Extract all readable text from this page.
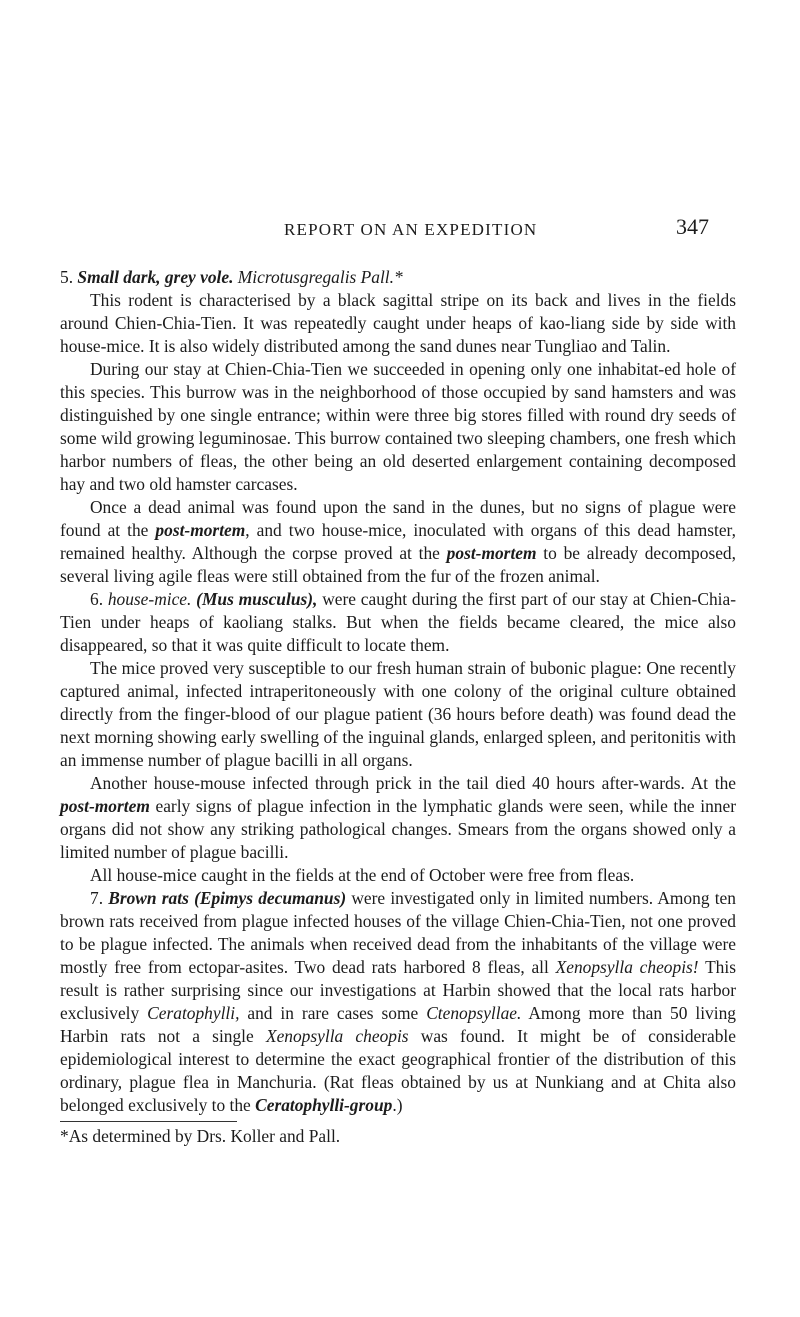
REPORT ON AN EXPEDITION	347

5. Small dark, grey vole. Microtusgregalis Pall.*

This rodent is characterised by a black sagittal stripe on its back and lives in the fields around Chien-Chia-Tien. It was repeatedly caught under heaps of kao-liang side by side with house-mice. It is also widely distributed among the sand dunes near Tungliao and Talin.

During our stay at Chien-Chia-Tien we succeeded in opening only one inhabitat-ed hole of this species. This burrow was in the neighborhood of those occupied by sand hamsters and was distinguished by one single entrance; within were three big stores filled with round dry seeds of some wild growing leguminosae. This burrow contained two sleeping chambers, one fresh which harbor numbers of fleas, the other being an old deserted enlargement containing decomposed hay and two old hamster carcases.

Once a dead animal was found upon the sand in the dunes, but no signs of plague were found at the post-mortem, and two house-mice, inoculated with organs of this dead hamster, remained healthy. Although the corpse proved at the post-mortem to be already decomposed, several living agile fleas were still obtained from the fur of the frozen animal.

6. house-mice. (Mus musculus), were caught during the first part of our stay at Chien-Chia-Tien under heaps of kaoliang stalks. But when the fields became cleared, the mice also disappeared, so that it was quite difficult to locate them.

The mice proved very susceptible to our fresh human strain of bubonic plague: One recently captured animal, infected intraperitoneously with one colony of the original culture obtained directly from the finger-blood of our plague patient (36 hours before death) was found dead the next morning showing early swelling of the inguinal glands, enlarged spleen, and peritonitis with an immense number of plague bacilli in all organs.

Another house-mouse infected through prick in the tail died 40 hours after-wards. At the post-mortem early signs of plague infection in the lymphatic glands were seen, while the inner organs did not show any striking pathological changes. Smears from the organs showed only a limited number of plague bacilli.

All house-mice caught in the fields at the end of October were free from fleas.

7. Brown rats (Epimys decumanus) were investigated only in limited numbers. Among ten brown rats received from plague infected houses of the village Chien-Chia-Tien, not one proved to be plague infected. The animals when received dead from the inhabitants of the village were mostly free from ectopar-asites. Two dead rats harbored 8 fleas, all Xenopsylla cheopis! This result is rather surprising since our investigations at Harbin showed that the local rats harbor exclusively Ceratophylli, and in rare cases some Ctenopsyllae. Among more than 50 living Harbin rats not a single Xenopsylla cheopis was found. It might be of considerable epidemiological interest to determine the exact geographical frontier of the distribution of this ordinary, plague flea in Manchuria. (Rat fleas obtained by us at Nunkiang and at Chita also belonged exclusively to the Ceratophylli-group.)

*As determined by Drs. Koller and Pall.
